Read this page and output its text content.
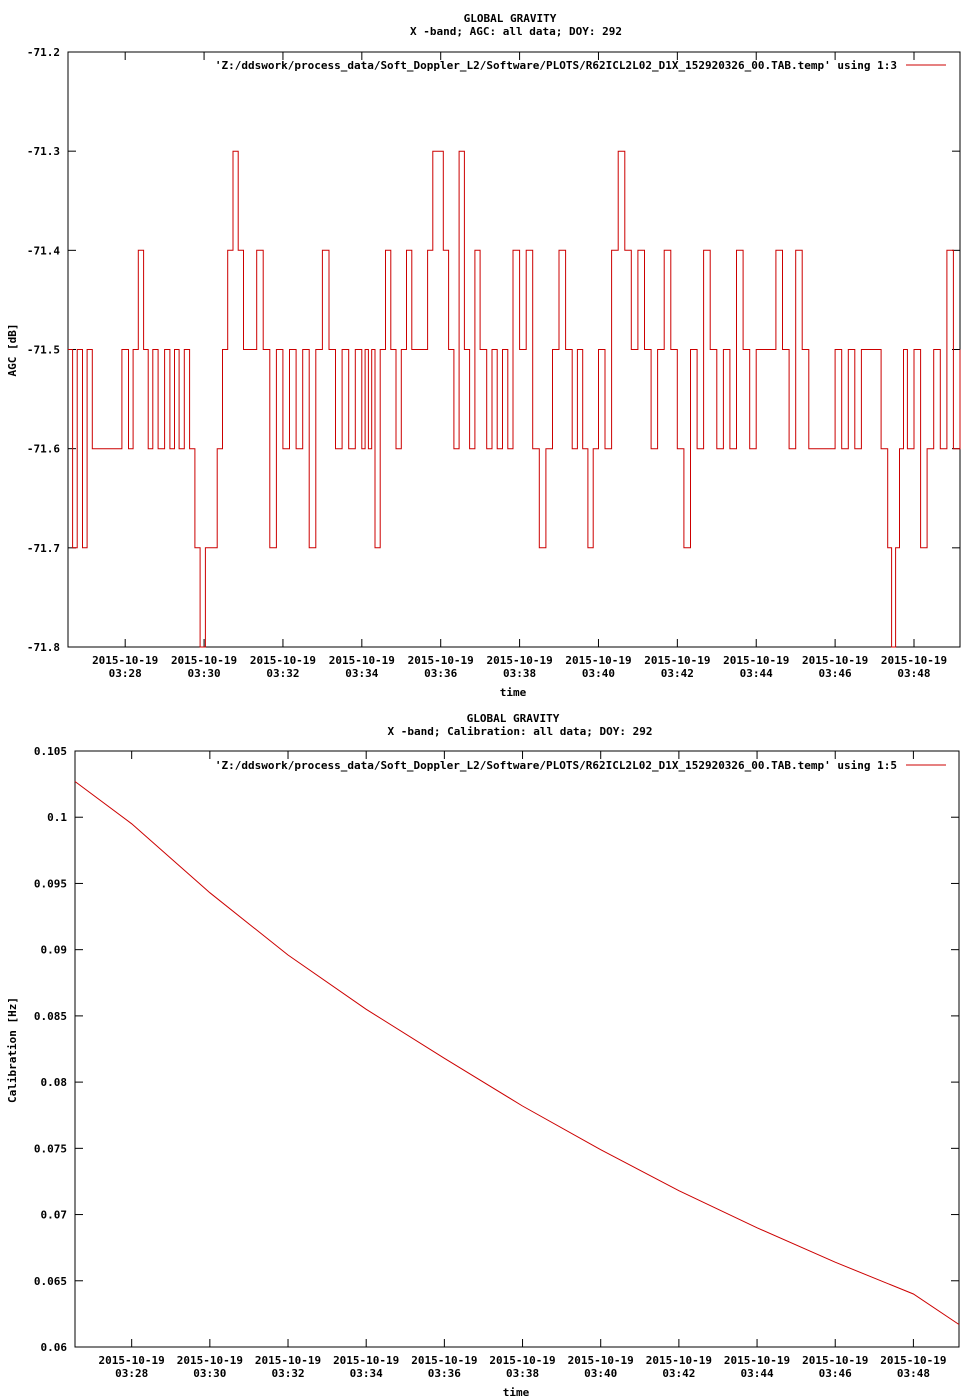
GLOBAL GRAVITY
X -band; AGC: all data; DOY: 292
-71.2
-71.3
-71.4
-71.5
-71.6
-71.7
-71.8
2015-10-19
03:28
2015-10-19
03:30
2015-10-19
03:32
2015-10-19
03:34
2015-10-19
03:36
2015-10-19
03:38
2015-10-19
03:40
2015-10-19
03:42
2015-10-19
03:44
2015-10-19
03:46
2015-10-19
03:48
'Z:/ddswork/process_data/Soft_Doppler_L2/Software/PLOTS/R62ICL2L02_D1X_152920326_00.TAB.temp' using 1:3
AGC [dB]
time
GLOBAL GRAVITY
X -band; Calibration: all data; DOY: 292
0.105
0.1
0.095
0.09
0.085
0.08
0.075
0.07
0.065
0.06
2015-10-19
03:28
2015-10-19
03:30
2015-10-19
03:32
2015-10-19
03:34
2015-10-19
03:36
2015-10-19
03:38
2015-10-19
03:40
2015-10-19
03:42
2015-10-19
03:44
2015-10-19
03:46
2015-10-19
03:48
'Z:/ddswork/process_data/Soft_Doppler_L2/Software/PLOTS/R62ICL2L02_D1X_152920326_00.TAB.temp' using 1:5
Calibration [Hz]
time
